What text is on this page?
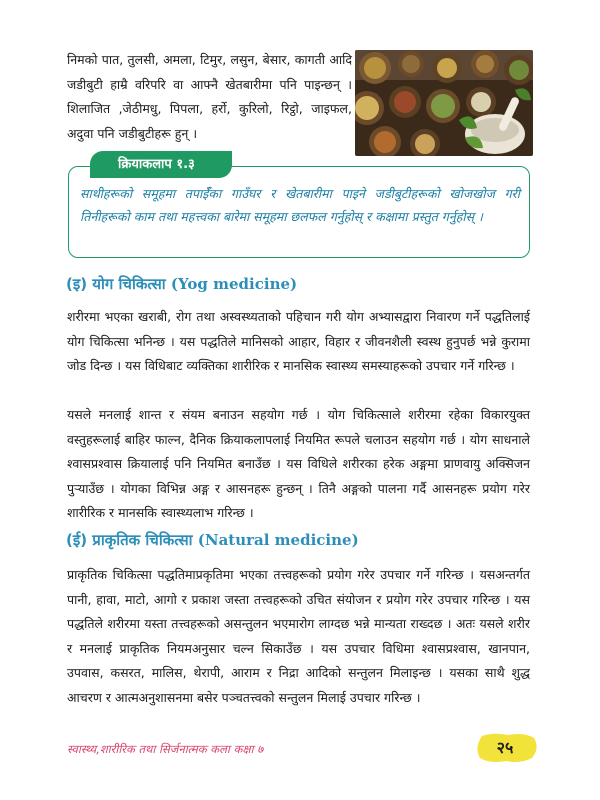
निमको पात, तुलसी, अमला, टिमुर, लसुन, बेसार, कागती आदि जडीबुटी हाम्रै वरिपरि वा आफ्नै खेतबारीमा पनि पाइन्छन् । शिलाजित ,जेठीमधु, पिपला, हर्रो, कुरिलो, रिट्ठो, जाइफल, अदुवा पनि जडीबुटीहरू हुन् ।
क्रियाकलाप १.३
साथीहरूको समूहमा तपाईँका गाउँघर र खेतबारीमा पाइने जडीबुटीहरूको खोजखोज गरी तिनीहरूको काम तथा महत्त्वका बारेमा समूहमा छलफल गर्नुहोस् र कक्षामा प्रस्तुत गर्नुहोस् ।
(इ) योग चिकित्सा (Yog medicine)
शरीरमा भएका खराबी, रोग तथा अस्वस्थ्यताको पहिचान गरी योग अभ्यासद्वारा निवारण गर्ने पद्धतिलाई योग चिकित्सा भनिन्छ । यस पद्धतिले मानिसको आहार, विहार र जीवनशैली स्वस्थ हुनुपर्छ भन्ने कुरामा जोड दिन्छ । यस विधिबाट व्यक्तिका शारीरिक र मानसिक स्वास्थ्य समस्याहरूको उपचार गर्ने गरिन्छ ।
यसले मनलाई शान्त र संयम बनाउन सहयोग गर्छ । योग चिकित्साले शरीरमा रहेका विकारयुक्त वस्तुहरूलाई बाहिर फाल्न, दैनिक क्रियाकलापलाई नियमित रूपले चलाउन सहयोग गर्छ । योग साधनाले श्वासप्रश्वास क्रियालाई पनि नियमित बनाउँछ । यस विधिले शरीरका हरेक अङ्गमा प्राणवायु अक्सिजन पुर्‍याउँछ । योगका विभिन्न अङ्ग र आसनहरू हुन्छन् । तिनै अङ्गको पालना गर्दै आसनहरू प्रयोग गरेर शारीरिक र मानसकि स्वास्थ्यलाभ गरिन्छ ।
(ई) प्राकृतिक चिकित्सा (Natural medicine)
प्राकृतिक चिकित्सा पद्धतिमाप्रकृतिमा भएका तत्त्वहरूको प्रयोग गरेर उपचार गर्ने गरिन्छ । यसअन्तर्गत पानी, हावा, माटो, आगो र प्रकाश जस्ता तत्त्वहरूको उचित संयोजन र प्रयोग गरेर उपचार गरिन्छ । यस पद्धतिले शरीरमा यस्ता तत्त्वहरूको असन्तुलन भएमारोग लाग्दछ भन्ने मान्यता राख्दछ । अतः यसले शरीर र मनलाई प्राकृतिक नियमअनुसार चल्न सिकाउँछ । यस उपचार विधिमा श्वासप्रश्वास, खानपान, उपवास, कसरत, मालिस, थेरापी, आराम र निद्रा आदिको सन्तुलन मिलाइन्छ । यसका साथै शुद्ध आचरण र आत्मअनुशासनमा बसेर पञ्चतत्त्वको सन्तुलन मिलाई उपचार गरिन्छ ।
स्वास्थ्य,शारीरिक तथा सिर्जनात्मक कला कक्षा ७	२५
